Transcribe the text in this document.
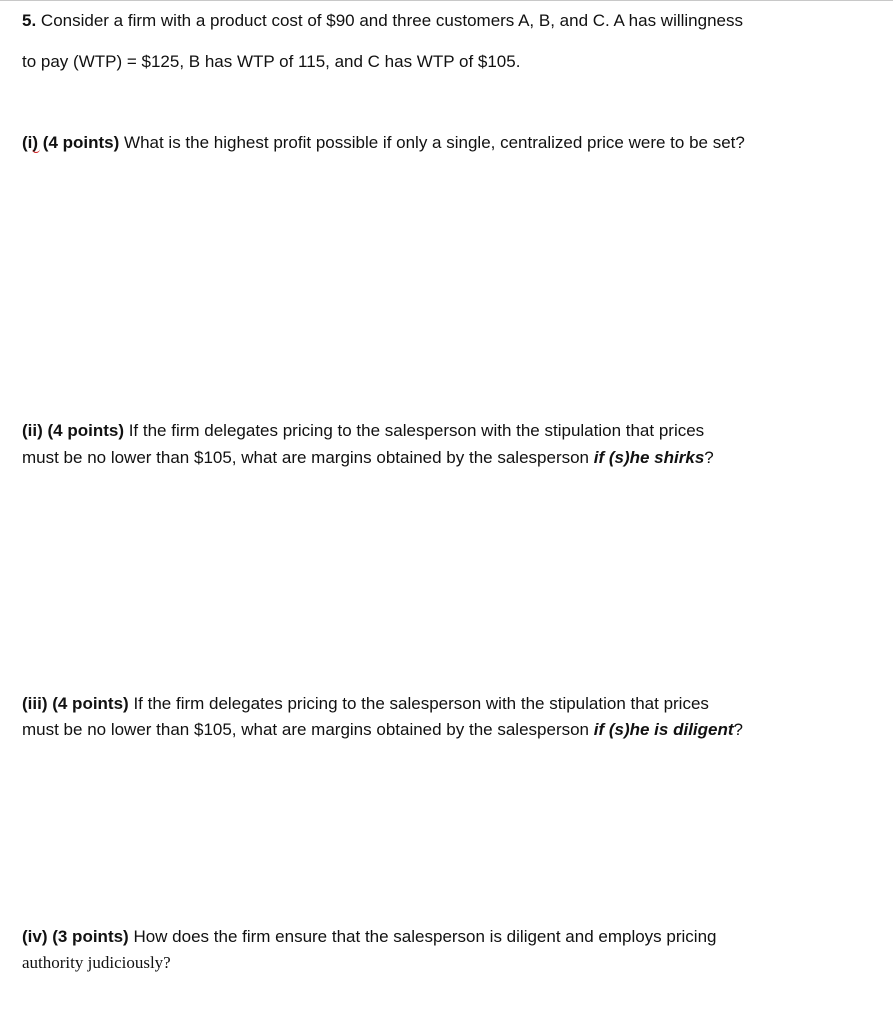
5. Consider a firm with a product cost of $90 and three customers A, B, and C. A has willingness

to pay (WTP) = $125, B has WTP of 115, and C has WTP of $105.

(i
) (4 points) What is the highest profit possible if only a single, centralized price were to be set?

(ii) (4 points) If the firm delegates pricing to the salesperson with the stipulation that prices

must be no lower than $105, what are margins obtained by the salesperson if (s)he shirks?

(iii) (4 points) If the firm delegates pricing to the salesperson with the stipulation that prices

must be no lower than $105, what are margins obtained by the salesperson if (s)he is diligent?

(iv) (3 points) How does the firm ensure that the salesperson is diligent and employs pricing

authority judiciously?
